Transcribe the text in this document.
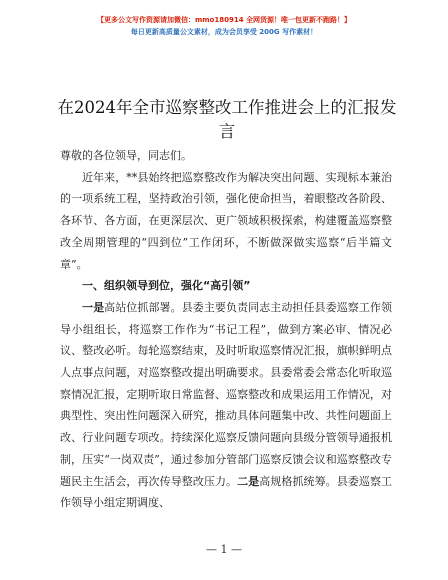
【更多公文写作资源请加微信：mmo180914 全网货源！唯一包更新不跑路！】
每日更新高质量公文素材，成为会员享受 200G 写作素材！
在2024年全市巡察整改工作推进会上的汇报发言

尊敬的各位领导，同志们。

近年来，**县始终把巡察整改作为解决突出问题、实现标本兼治的一项系统工程，坚持政治引领，强化使命担当，着眼整改各阶段、各环节、各方面，在更深层次、更广领域积极探索，构建覆盖巡察整改全周期管理的“四到位”工作闭环，不断做深做实巡察“后半篇文章”。

一、组织领导到位，强化“高引领”

一是高站位抓部署。县委主要负责同志主动担任县委巡察工作领导小组组长，将巡察工作作为“书记工程”，做到方案必审、情况必议、整改必听。每轮巡察结束，及时听取巡察情况汇报，旗帜鲜明点人点事点问题，对巡察整改提出明确要求。县委常委会常态化听取巡察情况汇报，定期听取日常监督、巡察整改和成果运用工作情况，对典型性、突出性问题深入研究，推动具体问题集中改、共性问题面上改、行业问题专项改。持续深化巡察反馈问题向县级分管领导通报机制，压实“一岗双责”，通过参加分管部门巡察反馈会议和巡察整改专题民主生活会，再次传导整改压力。二是高规格抓统筹。县委巡察工作领导小组定期调度、

— 1 —
